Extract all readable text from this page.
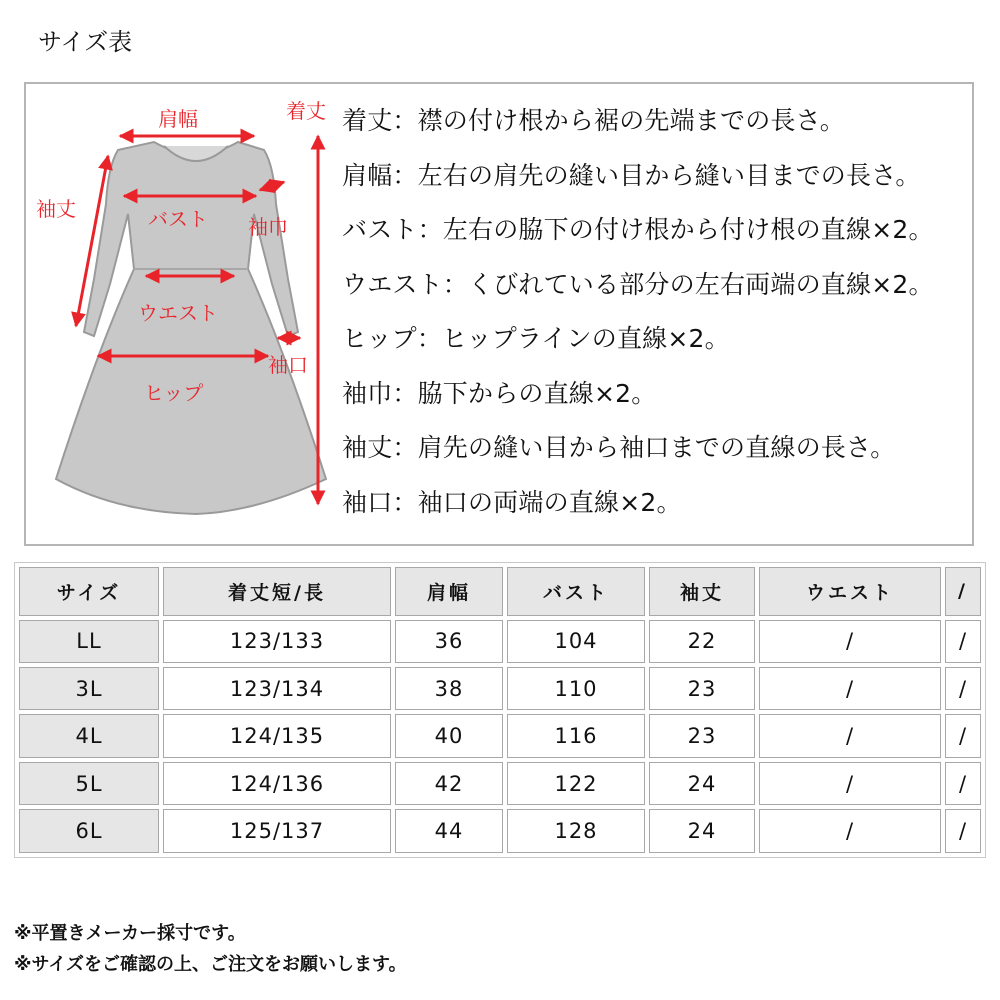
サイズ表
肩幅	着丈
袖丈	バスト 袖巾
ウエスト
袖口
ヒップ
着丈：襟の付け根から裾の先端までの長さ。
肩幅：左右の肩先の縫い目から縫い目までの長さ。
バスト：左右の脇下の付け根から付け根の直線×2。
ウエスト：くびれている部分の左右両端の直線×2。
ヒップ：ヒップラインの直線×2。
袖巾：脇下からの直線×2。
袖丈：肩先の縫い目から袖口までの直線の長さ。
袖口：袖口の両端の直線×2。
サイズ	着丈短/長	肩幅	バスト	袖丈	ウエスト	/
LL	123/133	36	104	22	/	/
3L	123/134	38	110	23	/	/
4L	124/135	40	116	23	/	/
5L	124/136	42	122	24	/	/
6L	125/137	44	128	24	/	/
※平置きメーカー採寸です。
※サイズをご確認の上、ご注文をお願いします。
